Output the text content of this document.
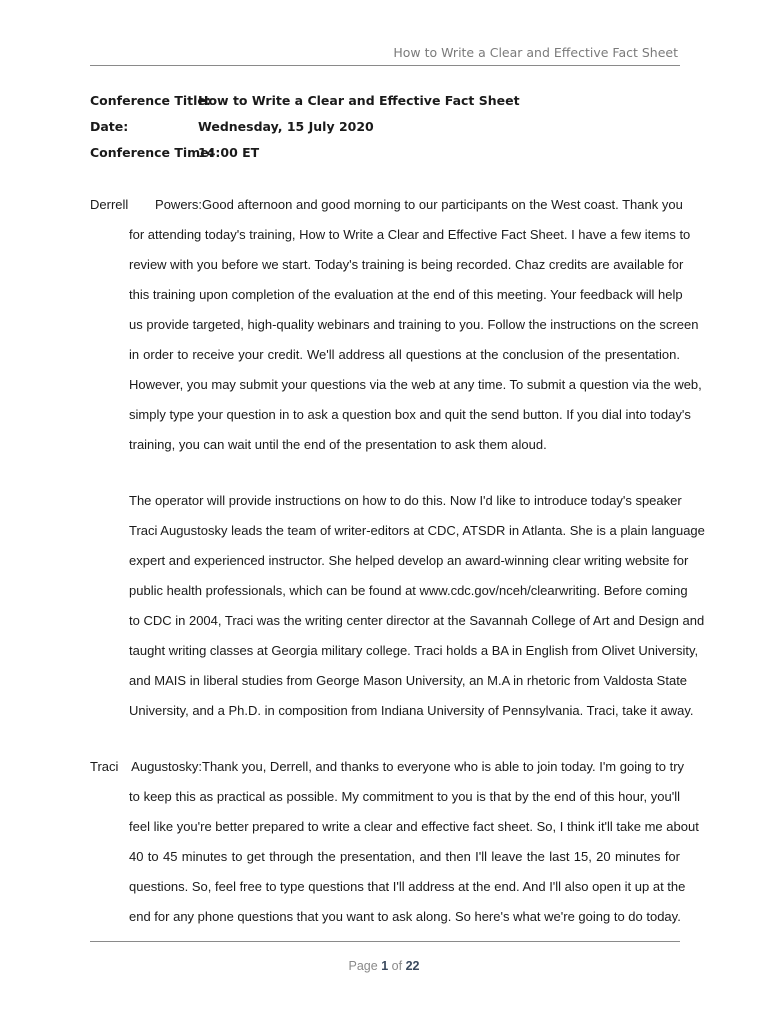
How to Write a Clear and Effective Fact Sheet
Conference Title:How to Write a Clear and Effective Fact Sheet
Date:	Wednesday, 15 July 2020
Conference Time:14:00 ET
Derrell Powers:Good afternoon and good morning to our participants on the West coast. Thank you
for attending today's training, How to Write a Clear and Effective Fact Sheet. I have a few items to
review with you before we start. Today's training is being recorded. Chaz credits are available for
this training upon completion of the evaluation at the end of this meeting. Your feedback will help
us provide targeted, high-quality webinars and training to you. Follow the instructions on the screen
in order to receive your credit. We'll address all questions at the conclusion of the presentation.
However, you may submit your questions via the web at any time. To submit a question via the web,
simply type your question in to ask a question box and quit the send button. If you dial into today's
training, you can wait until the end of the presentation to ask them aloud.
The operator will provide instructions on how to do this. Now I'd like to introduce today's speaker
Traci Augustosky leads the team of writer-editors at CDC, ATSDR in Atlanta. She is a plain language
expert and experienced instructor. She helped develop an award-winning clear writing website for
public health professionals, which can be found at www.cdc.gov/nceh/clearwriting. Before coming
to CDC in 2004, Traci was the writing center director at the Savannah College of Art and Design and
taught writing classes at Georgia military college. Traci holds a BA in English from Olivet University,
and MAIS in liberal studies from George Mason University, an M.A in rhetoric from Valdosta State
University, and a Ph.D. in composition from Indiana University of Pennsylvania. Traci, take it away.
Traci Augustosky:Thank you, Derrell, and thanks to everyone who is able to join today. I'm going to try
to keep this as practical as possible. My commitment to you is that by the end of this hour, you'll
feel like you're better prepared to write a clear and effective fact sheet. So, I think it'll take me about
40 to 45 minutes to get through the presentation, and then I'll leave the last 15, 20 minutes for
questions. So, feel free to type questions that I'll address at the end. And I'll also open it up at the
end for any phone questions that you want to ask along. So here's what we're going to do today.
Page 1 of 22
